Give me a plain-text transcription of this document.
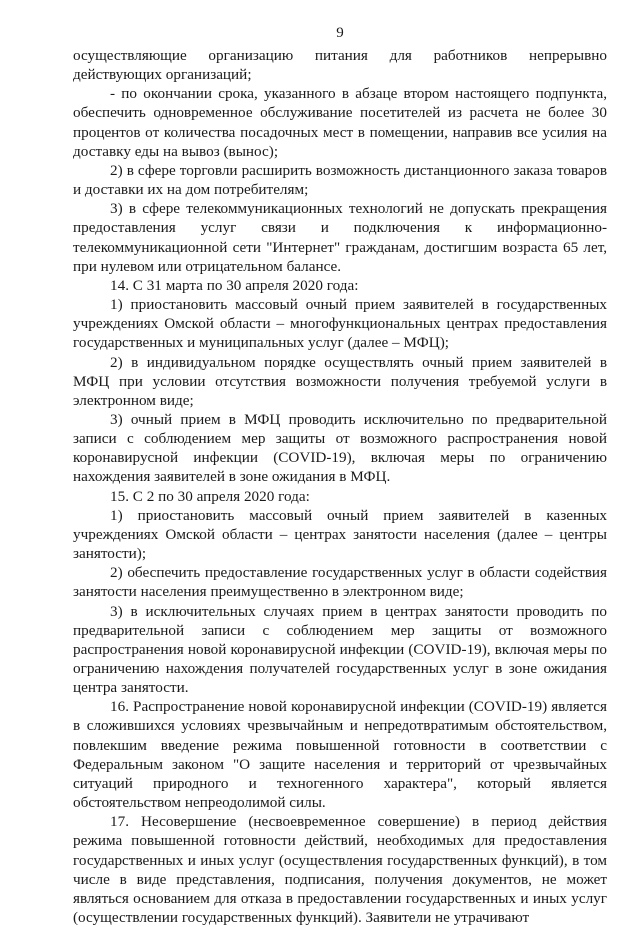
9

осуществляющие организацию питания для работников непрерывно действующих организаций;

- по окончании срока, указанного в абзаце втором настоящего подпункта, обеспечить одновременное обслуживание посетителей из расчета не более 30 процентов от количества посадочных мест в помещении, направив все усилия на доставку еды на вывоз (вынос);

2) в сфере торговли расширить возможность дистанционного заказа товаров и доставки их на дом потребителям;

3) в сфере телекоммуникационных технологий не допускать прекращения предоставления услуг связи и подключения к информационно-телекоммуникационной сети "Интернет" гражданам, достигшим возраста 65 лет, при нулевом или отрицательном балансе.

14. С 31 марта по 30 апреля 2020 года:

1) приостановить массовый очный прием заявителей в государственных учреждениях Омской области – многофункциональных центрах предоставления государственных и муниципальных услуг (далее – МФЦ);

2) в индивидуальном порядке осуществлять очный прием заявителей в МФЦ при условии отсутствия возможности получения требуемой услуги в электронном виде;

3) очный прием в МФЦ проводить исключительно по предварительной записи с соблюдением мер защиты от возможного распространения новой коронавирусной инфекции (COVID-19), включая меры по ограничению нахождения заявителей в зоне ожидания в МФЦ.

15. С 2 по 30 апреля 2020 года:

1) приостановить массовый очный прием заявителей в казенных учреждениях Омской области – центрах занятости населения (далее – центры занятости);

2) обеспечить предоставление государственных услуг в области содействия занятости населения преимущественно в электронном виде;

3) в исключительных случаях прием в центрах занятости проводить по предварительной записи с соблюдением мер защиты от возможного распространения новой коронавирусной инфекции (COVID-19), включая меры по ограничению нахождения получателей государственных услуг в зоне ожидания центра занятости.

16. Распространение новой коронавирусной инфекции (COVID-19) является в сложившихся условиях чрезвычайным и непредотвратимым обстоятельством, повлекшим введение режима повышенной готовности в соответствии с Федеральным законом "О защите населения и территорий от чрезвычайных ситуаций природного и техногенного характера", который является обстоятельством непреодолимой силы.

17. Несовершение (несвоевременное совершение) в период действия режима повышенной готовности действий, необходимых для предоставления государственных и иных услуг (осуществления государственных функций), в том числе в виде представления, подписания, получения документов, не может являться основанием для отказа в предоставлении государственных и иных услуг (осуществлении государственных функций). Заявители не утрачивают
